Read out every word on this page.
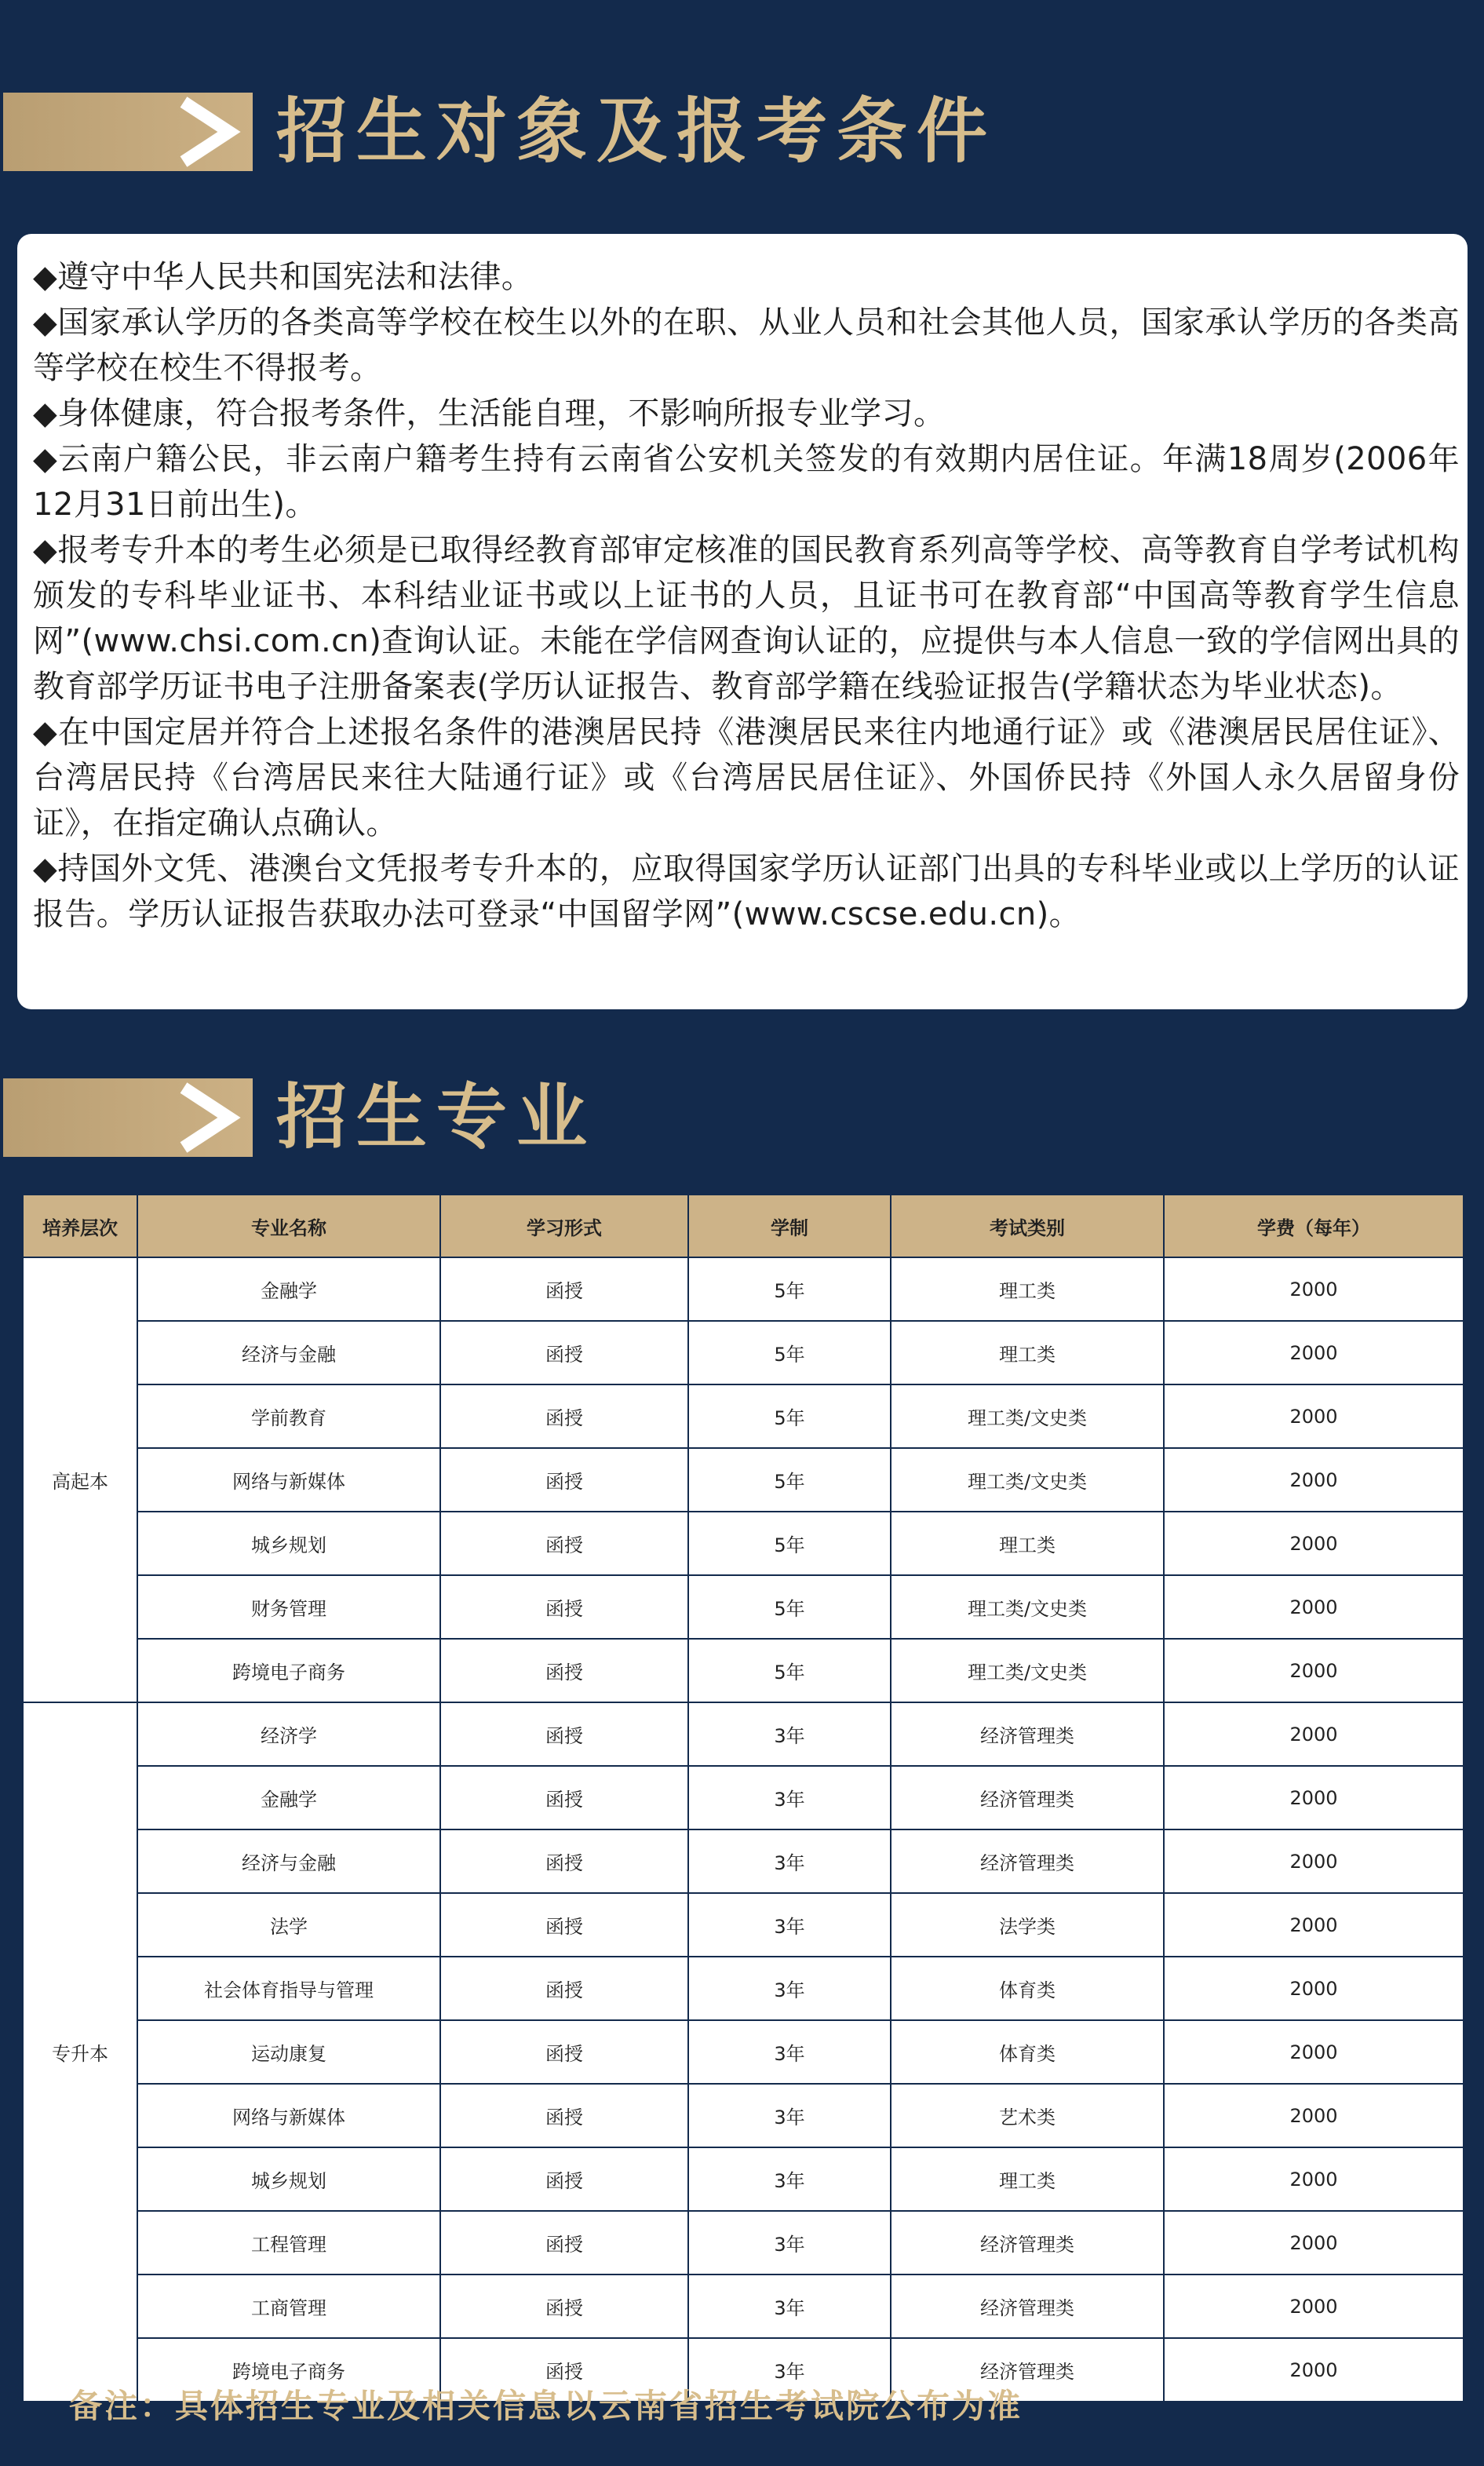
招生对象及报考条件

◆遵守中华人民共和国宪法和法律。

◆国家承认学历的各类高等学校在校生以外的在职、从业人员和社会其他人员，国家承认学历的各类高等学校在校生不得报考。

◆身体健康，符合报考条件，生活能自理，不影响所报专业学习。

◆云南户籍公民，非云南户籍考生持有云南省公安机关签发的有效期内居住证。年满18周岁(2006年12月31日前出生)。

◆报考专升本的考生必须是已取得经教育部审定核准的国民教育系列高等学校、高等教育自学考试机构颁发的专科毕业证书、本科结业证书或以上证书的人员，且证书可在教育部“中国高等教育学生信息网”(www.chsi.com.cn)查询认证。未能在学信网查询认证的，应提供与本人信息一致的学信网出具的教育部学历证书电子注册备案表(学历认证报告、教育部学籍在线验证报告(学籍状态为毕业状态)。

◆在中国定居并符合上述报名条件的港澳居民持《港澳居民来往内地通行证》或《港澳居民居住证》、台湾居民持《台湾居民来往大陆通行证》或《台湾居民居住证》、外国侨民持《外国人永久居留身份证》，在指定确认点确认。

◆持国外文凭、港澳台文凭报考专升本的，应取得国家学历认证部门出具的专科毕业或以上学历的认证报告。学历认证报告获取办法可登录“中国留学网”(www.cscse.edu.cn)。

招生专业
培养层次	专业名称	学习形式	学制	考试类别	学费（每年）
高起本	金融学	函授	5年	理工类	2000
	经济与金融	函授	5年	理工类	2000
	学前教育	函授	5年	理工类/文史类	2000
	网络与新媒体	函授	5年	理工类/文史类	2000
	城乡规划	函授	5年	理工类	2000
	财务管理	函授	5年	理工类/文史类	2000
	跨境电子商务	函授	5年	理工类/文史类	2000
专升本	经济学	函授	3年	经济管理类	2000
	金融学	函授	3年	经济管理类	2000
	经济与金融	函授	3年	经济管理类	2000
	法学	函授	3年	法学类	2000
	社会体育指导与管理	函授	3年	体育类	2000
	运动康复	函授	3年	体育类	2000
	网络与新媒体	函授	3年	艺术类	2000
	城乡规划	函授	3年	理工类	2000
	工程管理	函授	3年	经济管理类	2000
	工商管理	函授	3年	经济管理类	2000
	跨境电子商务	函授	3年	经济管理类	2000
备注：具体招生专业及相关信息以云南省招生考试院公布为准
